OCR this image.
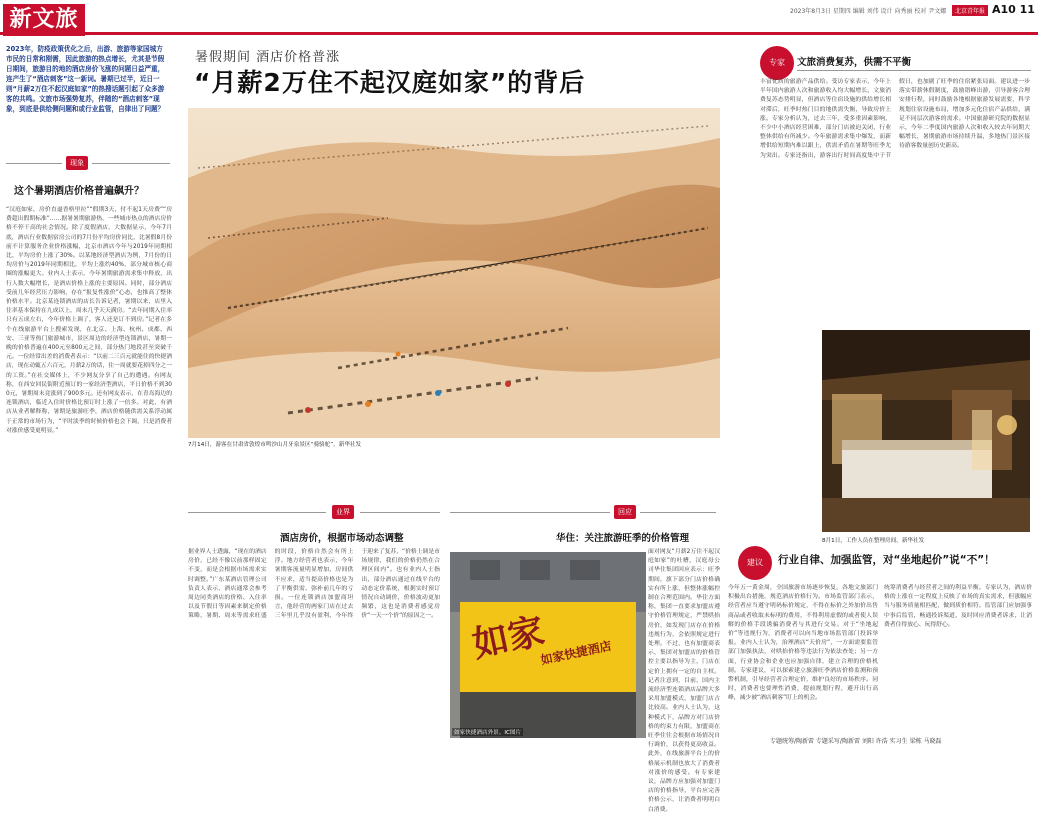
新文旅	2023年8月3日 星期四 编辑 刘伟 设计 向秀丽 校对 尹文娜	北京青年报 A10 11
2023年，防疫政策优化之后，出游、旅游等家国城方市民的日常和刚需，因此旅游的热点增长，尤其是节假日期间，旅游目的地的酒店房价飞涨的问题日益严重，连产生了“酒店刺客”这一新词。暑期已过半，近日一则“月薪2万住不起汉庭如家”的热搜话题引起了众多游客的共鸣。文旅市场强势复苏，伴随的“酒店刺客”现象，到底是供给侧问题和或行业监管，自律出了问题？
现象
这个暑期酒店价格普遍飙升？
“汉庭如家，房价直逼香格里拉”“假期3天，付不起1天房费”“房费超出假期标准”……据暑暑期旅游热，一些城市热点的酒店房价格不停干高的社会情况。除了度假酒店，大数据显示，今年7月底，酒店行业数据宿房公司的7月份平均房价同比，比暑假8月份前不计算服务企业价格涨幅，北京市酒店今年与2019年同期相比，平均房价上涨了30%。以某地经济型酒店为例，7月份的日均房价与2019年同期相比，平均上涨约40%，部分城市核心商圈的涨幅更大。业内人士表示，今年暑期旅游需求集中释放，出行人数大幅增长，是酒店价格上涨的主要原因。同时，部分酒店受前几年经营压力影响，存在“报复性涨价”心态，也推高了整体价格水平。北京某连锁酒店的店长告诉记者，暑期以来，店里入住率基本保持在九成以上，周末几乎天天满房。“去年同期入住率只有五成左右，今年价格上调了，客人还是订不到房。”记者在多个在线旅游平台上搜索发现，在北京、上海、杭州、成都、西安、三亚等热门旅游城市，景区周边的经济型连锁酒店，暑期一晚的价格普遍在400元至800元之间，部分热门地段甚至突破千元。一位经常出差的消费者表示：“以前二三百元就能住的快捷酒店，现在动辄五六百元，月薪2万的话，住一周就要花掉四分之一的工资。”在社交媒体上，不少网友分享了自己的遭遇。有网友称，在西安回民街附近预订的一家经济型酒店，平日价格不到300元，暑期周末竟涨到了900多元。还有网友表示，在青岛海边的连锁酒店，临近入住时价格比预订时上涨了一倍多。对此，有酒店从业者解释称，暑期是旅游旺季，酒店价格随供需关系浮动属于正常的市场行为，“平时淡季的时候价格也会下调，只是消费者对涨价感受更明显。”
暑假期间 酒店价格普涨
“月薪2万住不起汉庭如家”的背后
7月14日，游客在甘肃省敦煌市鸣沙山月牙泉景区“骑骆驼”。新华社发
业界
酒店房价，根据市场动态调整
据业界人士透露，“现在的酒店房价，已经不像以前那样固定不变，而是会根据市场需求实时调整。”广东某酒店管理公司负责人表示，酒店通常会参考周边同类酒店的价格、入住率以及节假日等因素来制定价格策略，暑期、周末等需求旺盛的时段，价格自然会有所上浮。地方经营者也表示，今年暑期客流量明显增加，房间供不应求，适当提高价格也是为了平衡供需、弥补前几年的亏损。一位连锁酒店加盟商坦言，他经营的两家门店在过去三年里几乎没有盈利，今年终于迎来了复苏，“价格上调是市场规律，我们的价格仍然在合理区间内”。也有业内人士指出，部分酒店通过在线平台的动态定价系统，根据实时预订情况自动调价，价格波动更加频繁，这也是消费者感觉房价“一天一个价”的原因之一。
回应
华住：关注旅游旺季的价格管理
面对网友“月薪2万住不起汉庭如家”的吐槽，汉庭母公司华住集团回应表示：旺季期间，旗下部分门店价格确实有所上涨，但整体涨幅控制在合理范围内。华住方面称，集团一直要求加盟店遵守价格管理规定，严禁哄抬房价，如发现门店存在价格违规行为，会依照规定进行处理。不过，也有加盟商表示，集团对加盟店的价格管控主要以指导为主，门店在定价上拥有一定的自主权。记者注意到，目前，国内主流经济型连锁酒店品牌大多采用加盟模式，加盟门店占比较高。业内人士认为，这种模式下，品牌方对门店价格的约束力有限，加盟商在旺季往往会根据市场情况自行调价，以获得更高收益。此外，在线旅游平台上的价格展示机制也放大了消费者对涨价的感受。有专家建议，品牌方应加强对加盟门店的价格指导，平台应完善价格公示，让消费者明明白白消费。
如家
如家快捷酒店
如家快捷酒店外景。IC图片
专家	文旅消费复苏，供需不平衡
丰富优质的旅游产品供给。受访专家表示，今年上半年国内旅游人次和旅游收入均大幅增长，文旅消费复苏态势明显，但酒店等住宿设施的供给增长相对滞后，旺季时热门目的地供需失衡，导致房价上涨。专家分析认为，过去三年，受多重因素影响，不少中小酒店经营困难，部分门店被迫关闭，行业整体供给有所减少。今年旅游需求集中爆发，而新增供给短期内难以跟上，供需矛盾在暑期等旺季尤为突出。专家还指出，游客出行时间高度集中于节假日，也加剧了旺季的住宿紧张局面。建议进一步落实带薪休假制度，鼓励错峰出游，引导游客合理安排行程，同时鼓励各地根据旅游发展需要，科学规划住宿设施布局，增加多元化住宿产品供给，满足不同层次游客的需求。中国旅游研究院的数据显示，今年二季度国内旅游人次和收入较去年同期大幅增长，暑期旅游市场持续升温，多地热门景区接待游客数量创历史新高。
8月1日，工作人员在整理房间。新华社发
建议	行业自律、加强监管，对“坐地起价”说“不”！
今年五一黄金周，全国旅游市场逐步恢复，各地文旅部门积极出台措施，规范酒店价格行为。市场监管部门表示，经营者应当遵守明码标价规定，不得在标价之外加价出售商品或者收取未标明的费用，不得利用虚假的或者使人误解的价格手段诱骗消费者与其进行交易。对于“坐地起价”等违规行为，消费者可以向当地市场监管部门投诉举报。业内人士认为，治理酒店“天价房”，一方面需要监管部门加强执法，对哄抬价格等违法行为依法查处；另一方面，行业协会和企业也应加强自律，建立合理的价格机制。专家建议，可以探索建立旅游旺季酒店价格监测和预警机制，引导经营者合理定价，维护良好的市场秩序。同时，消费者也要理性消费，提前规划行程，避开出行高峰，减少被“酒店刺客”盯上的机会。
统筹消费者与经营者之间的利益平衡。专家认为，酒店价格的上涨在一定程度上反映了市场的真实需求，但涨幅应当与服务质量相匹配，做到质价相符。监管部门应加强事中事后监管，畅通投诉渠道，及时回应消费者诉求，让消费者住得放心、玩得舒心。
专题统筹/陶新雷 专题采写/陶新雷 刘阳 许浩 实习生 梁栋 马晓磊
